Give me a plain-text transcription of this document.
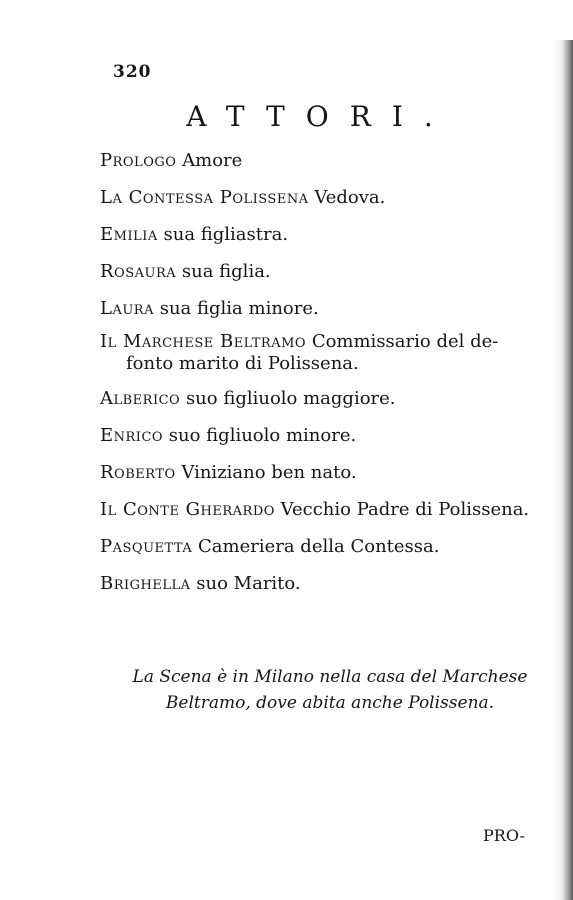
320
ATTORI.
Prologo Amore
La Contessa Polissena Vedova.
Emilia sua figliastra.
Rosaura sua figlia.
Laura sua figlia minore.
Il Marchese Beltramo Commissario del de-
fonto marito di Polissena.
Alberico suo figliuolo maggiore.
Enrico suo figliuolo minore.
Roberto Viniziano ben nato.
Il Conte Gherardo Vecchio Padre di Polissena.
Pasquetta Cameriera della Contessa.
Brighella suo Marito.
La Scena è in Milano nella casa del Marchese
Beltramo, dove abita anche Polissena.
PRO-
